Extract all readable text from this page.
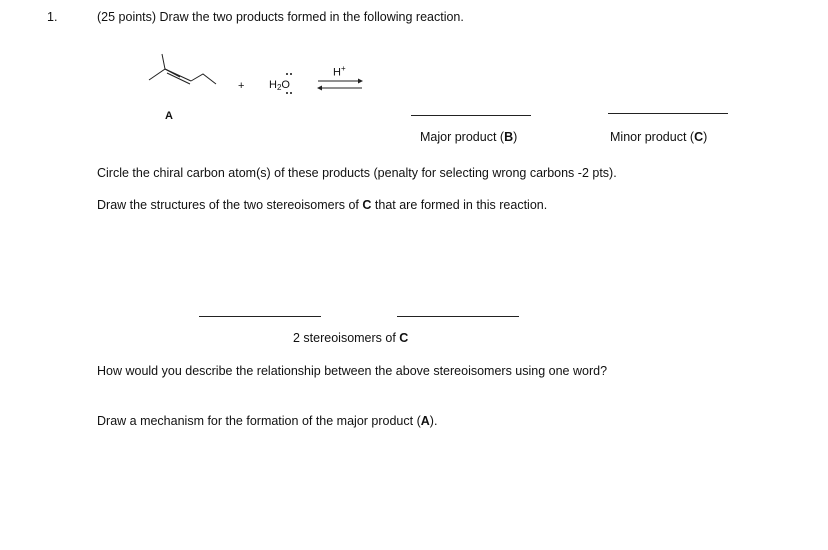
1.	(25 points) Draw the two products formed in the following reaction.
A
+ H2O
H+
Major product (B)	Minor product (C)
Circle the chiral carbon atom(s) of these products (penalty for selecting wrong carbons -2 pts).
Draw the structures of the two stereoisomers of C that are formed in this reaction.
2 stereoisomers of C
How would you describe the relationship between the above stereoisomers using one word?
Draw a mechanism for the formation of the major product (A).
